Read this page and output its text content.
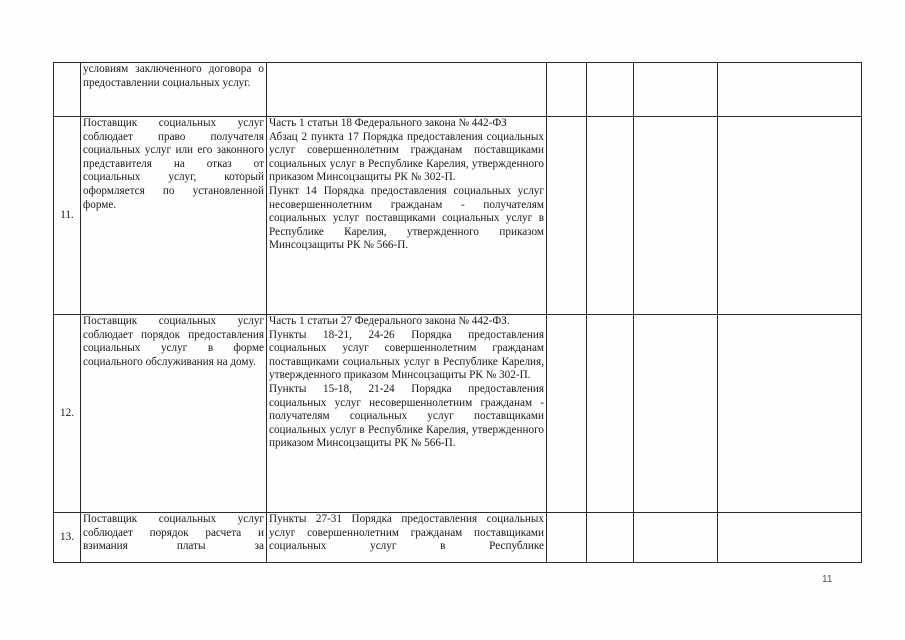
	условиям заключенного договора о предоставлении социальных услуг.					

11.	Поставщик социальных услуг соблюдает право получателя социальных услуг или его законного представителя на отказ от социальных услуг, который оформляется по установленной форме.	Часть 1 статьи 18 Федерального закона № 442-ФЗ

Абзац 2 пункта 17 Порядка предоставления социальных услуг совершеннолетним гражданам поставщиками социальных услуг в Республике Карелия, утвержденного приказом Минсоцзащиты РК № 302-П.

Пункт 14 Порядка предоставления социальных услуг несовершеннолетним гражданам - получателям социальных услуг поставщиками социальных услуг в Республике Карелия, утвержденного приказом Минсоцзащиты РК № 566-П.				

12.	Поставщик социальных услуг соблюдает порядок предоставления социальных услуг в форме социального обслуживания на дому.	Часть 1 статьи 27 Федерального закона № 442-ФЗ.

Пункты 18-21, 24-26 Порядка предоставления социальных услуг совершеннолетним гражданам поставщиками социальных услуг в Республике Карелия, утвержденного приказом Минсоцзащиты РК № 302-П.

Пункты 15-18, 21-24 Порядка предоставления социальных услуг несовершеннолетним гражданам - получателям социальных услуг поставщиками социальных услуг в Республике Карелия, утвержденного приказом Минсоцзащиты РК № 566-П.				

13.	Поставщик социальных услуг соблюдает порядок расчета и взимания платы за	Пункты 27-31 Порядка предоставления социальных услуг совершеннолетним гражданам поставщиками социальных услуг в Республике				

11
